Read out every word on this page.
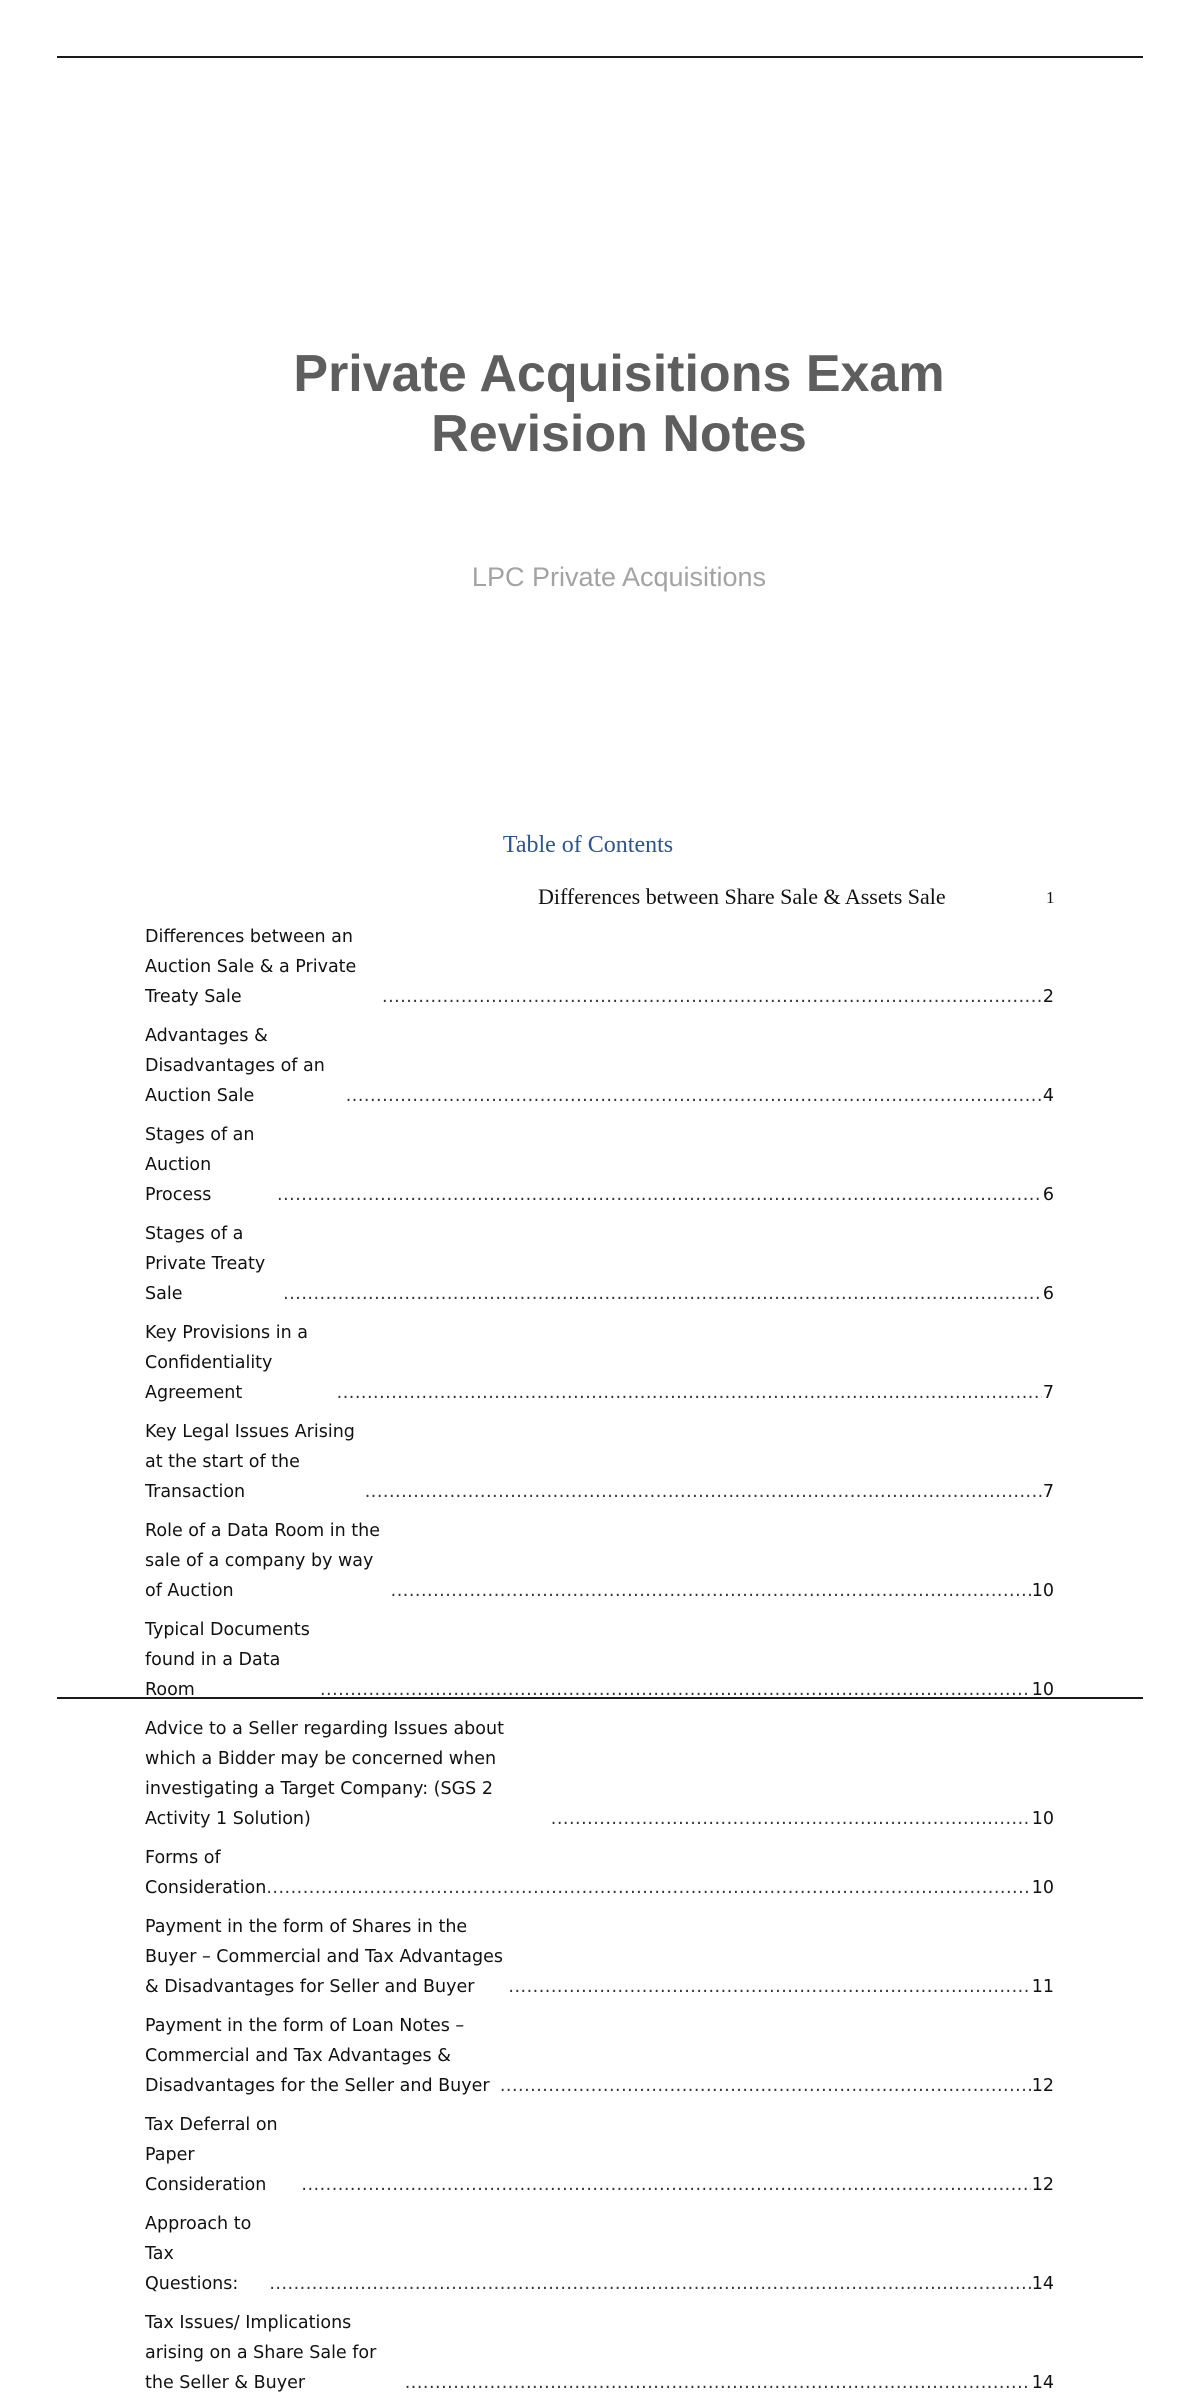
Private Acquisitions Exam
Revision Notes
LPC Private Acquisitions
Table of Contents
Differences between Share Sale & Assets Sale	1
Differences between an Auction Sale & a Private Treaty Sale .....	2
Advantages & Disadvantages of an Auction Sale .....	4
Stages of an Auction Process .....	6
Stages of a Private Treaty Sale .....	6
Key Provisions in a Confidentiality Agreement .....	7
Key Legal Issues Arising at the start of the Transaction .....	7
Role of a Data Room in the sale of a company by way of Auction .....	10
Typical Documents found in a Data Room .....	10
Advice to a Seller regarding Issues about which a Bidder may be concerned when investigating a Target Company: (SGS 2 Activity 1 Solution) .....	10
Forms of Consideration .....	10
Payment in the form of Shares in the Buyer – Commercial and Tax Advantages & Disadvantages for Seller and Buyer .....	11
Payment in the form of Loan Notes – Commercial and Tax Advantages & Disadvantages for the Seller and Buyer .....	12
Tax Deferral on Paper Consideration .....	12
Approach to Tax Questions: .....	14
Tax Issues/ Implications arising on a Share Sale for the Seller & Buyer .....	14
